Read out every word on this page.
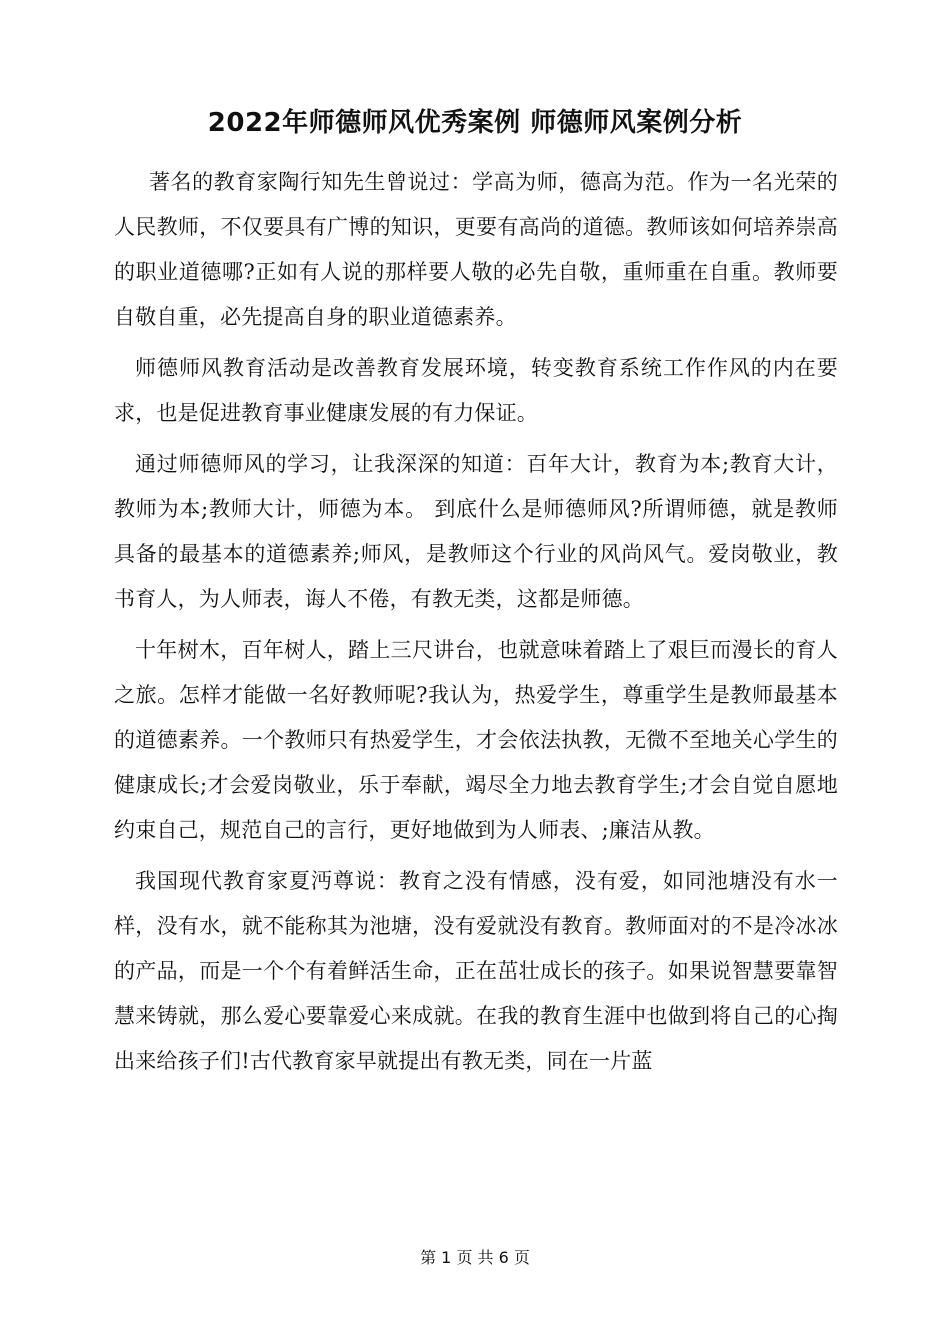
2022年师德师风优秀案例 师德师风案例分析

著名的教育家陶行知先生曾说过：学高为师，德高为范。作为一名光荣的人民教师，不仅要具有广博的知识，更要有高尚的道德。教师该如何培养崇高的职业道德哪?正如有人说的那样要人敬的必先自敬，重师重在自重。教师要自敬自重，必先提高自身的职业道德素养。

师德师风教育活动是改善教育发展环境，转变教育系统工作作风的内在要求，也是促进教育事业健康发展的有力保证。

通过师德师风的学习，让我深深的知道：百年大计，教育为本;教育大计，教师为本;教师大计，师德为本。 到底什么是师德师风?所谓师德，就是教师具备的最基本的道德素养;师风，是教师这个行业的风尚风气。爱岗敬业，教书育人，为人师表，诲人不倦，有教无类，这都是师德。

十年树木，百年树人，踏上三尺讲台，也就意味着踏上了艰巨而漫长的育人之旅。怎样才能做一名好教师呢?我认为，热爱学生，尊重学生是教师最基本的道德素养。一个教师只有热爱学生，才会依法执教，无微不至地关心学生的健康成长;才会爱岗敬业，乐于奉献，竭尽全力地去教育学生;才会自觉自愿地约束自己，规范自己的言行，更好地做到为人师表、;廉洁从教。

我国现代教育家夏沔尊说：教育之没有情感，没有爱，如同池塘没有水一样，没有水，就不能称其为池塘，没有爱就没有教育。教师面对的不是冷冰冰的产品，而是一个个有着鲜活生命，正在茁壮成长的孩子。如果说智慧要靠智慧来铸就，那么爱心要靠爱心来成就。在我的教育生涯中也做到将自己的心掏出来给孩子们!古代教育家早就提出有教无类，同在一片蓝

第 1 页 共 6 页
